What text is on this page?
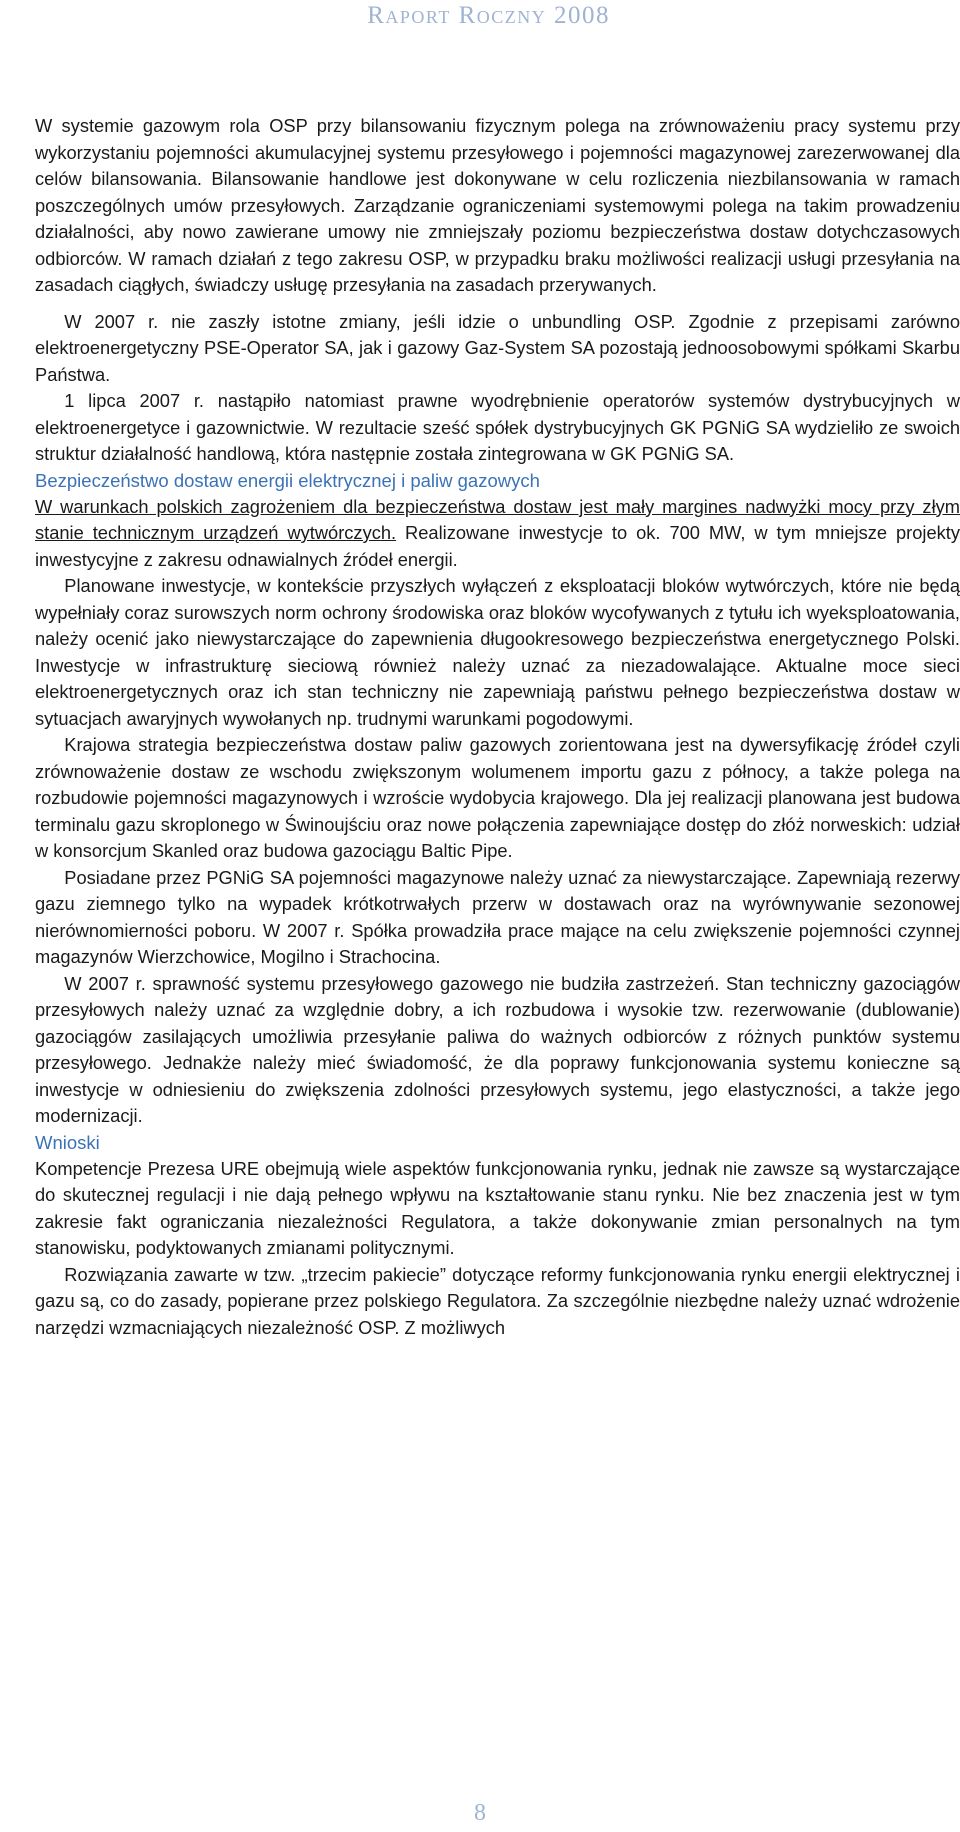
Raport Roczny 2008

W systemie gazowym rola OSP przy bilansowaniu fizycznym polega na zrównoważeniu pracy systemu przy wykorzystaniu pojemności akumulacyjnej systemu przesyłowego i pojemności magazynowej zarezerwowanej dla celów bilansowania. Bilansowanie handlowe jest dokonywane w celu rozliczenia niezbilansowania w ramach poszczególnych umów przesyłowych. Zarządzanie ograniczeniami systemowymi polega na takim prowadzeniu działalności, aby nowo zawierane umowy nie zmniejszały poziomu bezpieczeństwa dostaw dotychczasowych odbiorców. W ramach działań z tego zakresu OSP, w przypadku braku możliwości realizacji usługi przesyłania na zasadach ciągłych, świadczy usługę przesyłania na zasadach przerywanych.

W 2007 r. nie zaszły istotne zmiany, jeśli idzie o unbundling OSP. Zgodnie z przepisami zarówno elektroenergetyczny PSE-Operator SA, jak i gazowy Gaz-System SA pozostają jednoosobowymi spółkami Skarbu Państwa.

1 lipca 2007 r. nastąpiło natomiast prawne wyodrębnienie operatorów systemów dystrybucyjnych w elektroenergetyce i gazownictwie. W rezultacie sześć spółek dystrybucyjnych GK PGNiG SA wydzieliło ze swoich struktur działalność handlową, która następnie została zintegrowana w GK PGNiG SA.

Bezpieczeństwo dostaw energii elektrycznej i paliw gazowych

W warunkach polskich zagrożeniem dla bezpieczeństwa dostaw jest mały margines nadwyżki mocy przy złym stanie technicznym urządzeń wytwórczych. Realizowane inwestycje to ok. 700 MW, w tym mniejsze projekty inwestycyjne z zakresu odnawialnych źródeł energii.

Planowane inwestycje, w kontekście przyszłych wyłączeń z eksploatacji bloków wytwórczych, które nie będą wypełniały coraz surowszych norm ochrony środowiska oraz bloków wycofywanych z tytułu ich wyeksploatowania, należy ocenić jako niewystarczające do zapewnienia długookresowego bezpieczeństwa energetycznego Polski. Inwestycje w infrastrukturę sieciową również należy uznać za niezadowalające. Aktualne moce sieci elektroenergetycznych oraz ich stan techniczny nie zapewniają państwu pełnego bezpieczeństwa dostaw w sytuacjach awaryjnych wywołanych np. trudnymi warunkami pogodowymi.

Krajowa strategia bezpieczeństwa dostaw paliw gazowych zorientowana jest na dywersyfikację źródeł czyli zrównoważenie dostaw ze wschodu zwiększonym wolumenem importu gazu z północy, a także polega na rozbudowie pojemności magazynowych i wzroście wydobycia krajowego. Dla jej realizacji planowana jest budowa terminalu gazu skroplonego w Świnoujściu oraz nowe połączenia zapewniające dostęp do złóż norweskich: udział w konsorcjum Skanled oraz budowa gazociągu Baltic Pipe.

Posiadane przez PGNiG SA pojemności magazynowe należy uznać za niewystarczające. Zapewniają rezerwy gazu ziemnego tylko na wypadek krótkotrwałych przerw w dostawach oraz na wyrównywanie sezonowej nierównomierności poboru. W 2007 r. Spółka prowadziła prace mające na celu zwiększenie pojemności czynnej magazynów Wierzchowice, Mogilno i Strachocina.

W 2007 r. sprawność systemu przesyłowego gazowego nie budziła zastrzeżeń. Stan techniczny gazociągów przesyłowych należy uznać za względnie dobry, a ich rozbudowa i wysokie tzw. rezerwowanie (dublowanie) gazociągów zasilających umożliwia przesyłanie paliwa do ważnych odbiorców z różnych punktów systemu przesyłowego. Jednakże należy mieć świadomość, że dla poprawy funkcjonowania systemu konieczne są inwestycje w odniesieniu do zwiększenia zdolności przesyłowych systemu, jego elastyczności, a także jego modernizacji.

Wnioski

Kompetencje Prezesa URE obejmują wiele aspektów funkcjonowania rynku, jednak nie zawsze są wystarczające do skutecznej regulacji i nie dają pełnego wpływu na kształtowanie stanu rynku. Nie bez znaczenia jest w tym zakresie fakt ograniczania niezależności Regulatora, a także dokonywanie zmian personalnych na tym stanowisku, podyktowanych zmianami politycznymi.

Rozwiązania zawarte w tzw. „trzecim pakiecie” dotyczące reformy funkcjonowania rynku energii elektrycznej i gazu są, co do zasady, popierane przez polskiego Regulatora. Za szczególnie niezbędne należy uznać wdrożenie narzędzi wzmacniających niezależność OSP. Z możliwych

8
